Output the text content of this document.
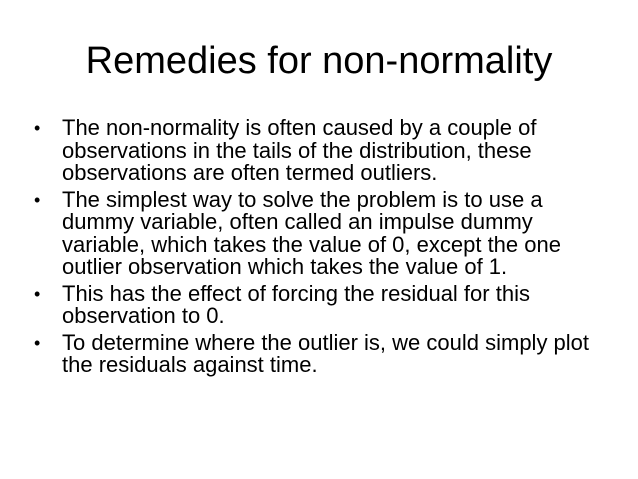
Remedies for non-normality
• The non-normality is often caused by a couple of observations in the tails of the distribution, these observations are often termed outliers.
• The simplest way to solve the problem is to use a dummy variable, often called an impulse dummy variable, which takes the value of 0, except the one outlier observation which takes the value of 1.
• This has the effect of forcing the residual for this observation to 0.
• To determine where the outlier is, we could simply plot the residuals against time.
